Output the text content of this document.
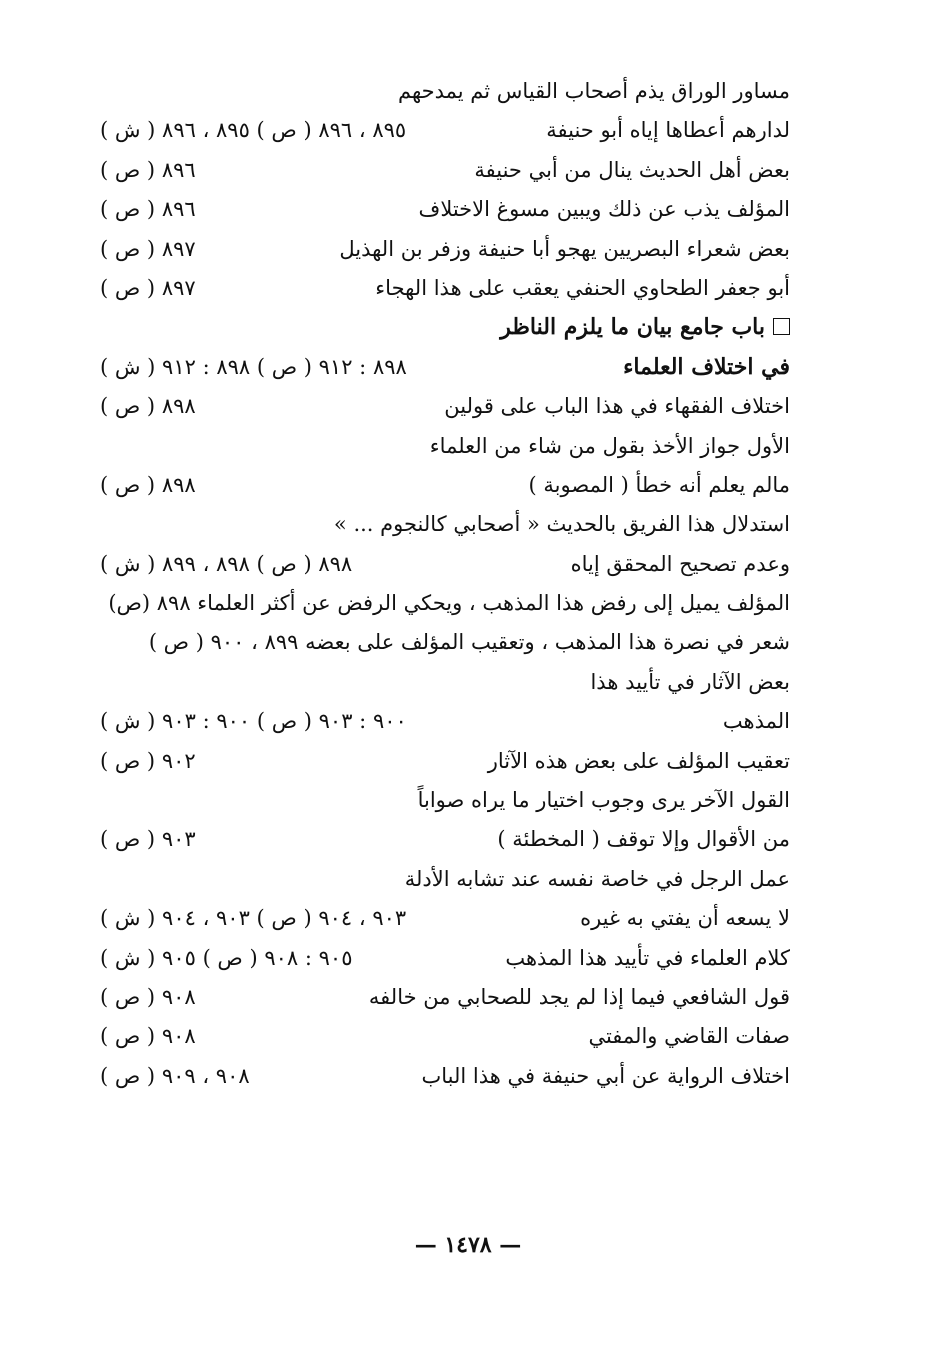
مساور الوراق يذم أصحاب القياس ثم يمدحهم
لدارهم أعطاها إياه أبو حنيفة
٨٩٥ ، ٨٩٦ ( ص ) ٨٩٥ ، ٨٩٦ ( ش )
بعض أهل الحديث ينال من أبي حنيفة
٨٩٦ ( ص )
المؤلف يذب عن ذلك ويبين مسوغ الاختلاف
٨٩٦ ( ص )
بعض شعراء البصريين يهجو أبا حنيفة وزفر بن الهذيل
٨٩٧ ( ص )
أبو جعفر الطحاوي الحنفي يعقب على هذا الهجاء
٨٩٧ ( ص )
باب جامع بيان ما يلزم الناظر
في اختلاف العلماء
٨٩٨ : ٩١٢ ( ص ) ٨٩٨ : ٩١٢ ( ش )
اختلاف الفقهاء في هذا الباب على قولين
٨٩٨ ( ص )
الأول جواز الأخذ بقول من شاء من العلماء
مالم يعلم أنه خطأ ( المصوبة )
٨٩٨ ( ص )
استدلال هذا الفريق بالحديث « أصحابي كالنجوم ... »
وعدم تصحيح المحقق إياه
٨٩٨ ( ص ) ٨٩٨ ، ٨٩٩ ( ش )
المؤلف يميل إلى رفض هذا المذهب ، ويحكي الرفض عن أكثر العلماء ٨٩٨ (ص)
شعر في نصرة هذا المذهب ، وتعقيب المؤلف على بعضه ٨٩٩ ، ٩٠٠ ( ص )
بعض الآثار في تأييد هذا
المذهب
٩٠٠ : ٩٠٣ ( ص ) ٩٠٠ : ٩٠٣ ( ش )
تعقيب المؤلف على بعض هذه الآثار
٩٠٢ ( ص )
القول الآخر يرى وجوب اختيار ما يراه صواباً
من الأقوال وإلا توقف ( المخطئة )
٩٠٣ ( ص )
عمل الرجل في خاصة نفسه عند تشابه الأدلة
لا يسعه أن يفتي به غيره
٩٠٣ ، ٩٠٤ ( ص ) ٩٠٣ ، ٩٠٤ ( ش )
كلام العلماء في تأييد هذا المذهب
٩٠٥ : ٩٠٨ ( ص ) ٩٠٥ ( ش )
قول الشافعي فيما إذا لم يجد للصحابي من خالفه
٩٠٨ ( ص )
صفات القاضي والمفتي
٩٠٨ ( ص )
اختلاف الرواية عن أبي حنيفة في هذا الباب
٩٠٨ ، ٩٠٩ ( ص )
— ١٤٧٨ —
